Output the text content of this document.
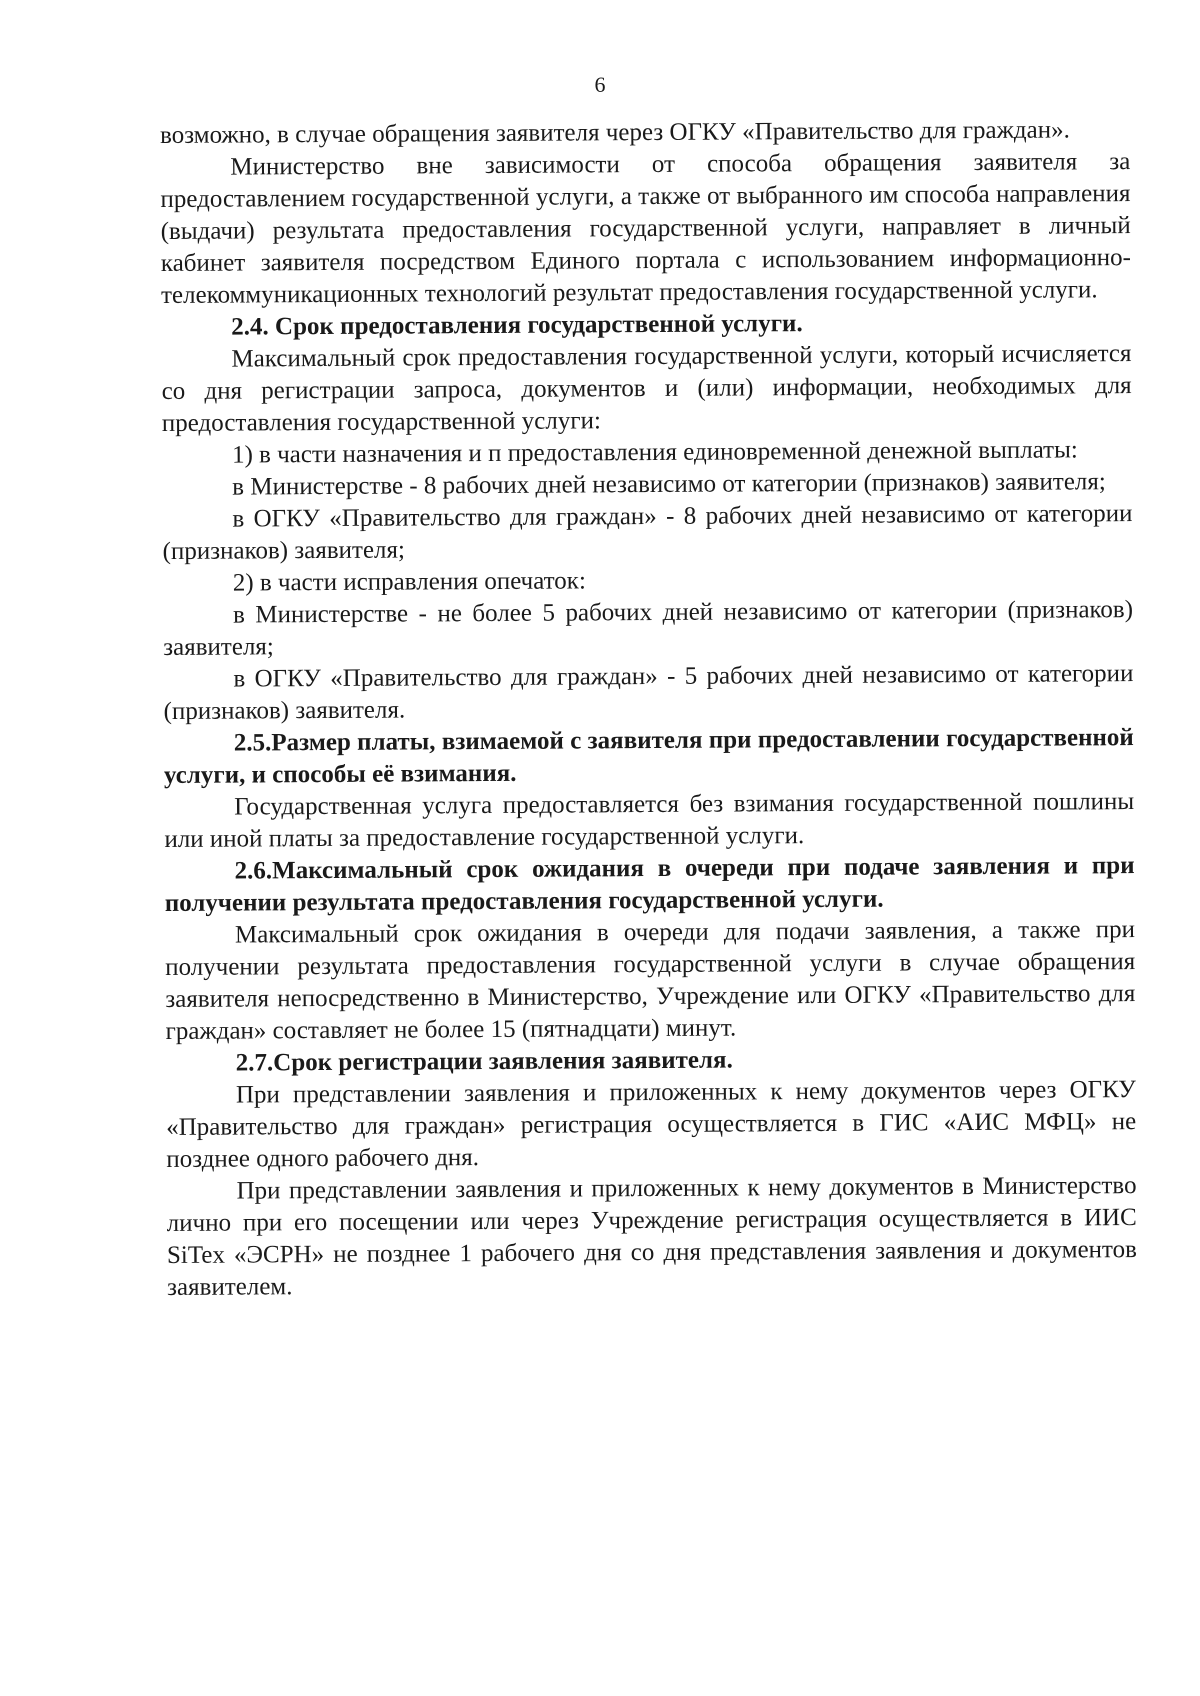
6

возможно, в случае обращения заявителя через ОГКУ «Правительство для граждан».

Министерство вне зависимости от способа обращения заявителя за предоставлением государственной услуги, а также от выбранного им способа направления (выдачи) результата предоставления государственной услуги, направляет в личный кабинет заявителя посредством Единого портала с использованием информационно-телекоммуникационных технологий результат предоставления государственной услуги.

2.4. Срок предоставления государственной услуги.

Максимальный срок предоставления государственной услуги, который исчисляется со дня регистрации запроса, документов и (или) информации, необходимых для предоставления государственной услуги:

1) в части назначения и п предоставления единовременной денежной выплаты:

в Министерстве - 8 рабочих дней независимо от категории (признаков) заявителя;

в ОГКУ «Правительство для граждан» - 8 рабочих дней независимо от категории (признаков) заявителя;

2) в части исправления опечаток:

в Министерстве - не более 5 рабочих дней независимо от категории (признаков) заявителя;

в ОГКУ «Правительство для граждан» - 5 рабочих дней независимо от категории (признаков) заявителя.

2.5.Размер платы, взимаемой с заявителя при предоставлении государственной услуги, и способы её взимания.

Государственная услуга предоставляется без взимания государственной пошлины или иной платы за предоставление государственной услуги.

2.6.Максимальный срок ожидания в очереди при подаче заявления и при получении результата предоставления государственной услуги.

Максимальный срок ожидания в очереди для подачи заявления, а также при получении результата предоставления государственной услуги в случае обращения заявителя непосредственно в Министерство, Учреждение или ОГКУ «Правительство для граждан» составляет не более 15 (пятнадцати) минут.

2.7.Срок регистрации заявления заявителя.

При представлении заявления и приложенных к нему документов через ОГКУ «Правительство для граждан» регистрация осуществляется в ГИС «АИС МФЦ» не позднее одного рабочего дня.

При представлении заявления и приложенных к нему документов в Министерство лично при его посещении или через Учреждение регистрация осуществляется в ИИС SiTex «ЭСРН» не позднее 1 рабочего дня со дня представления заявления и документов заявителем.
